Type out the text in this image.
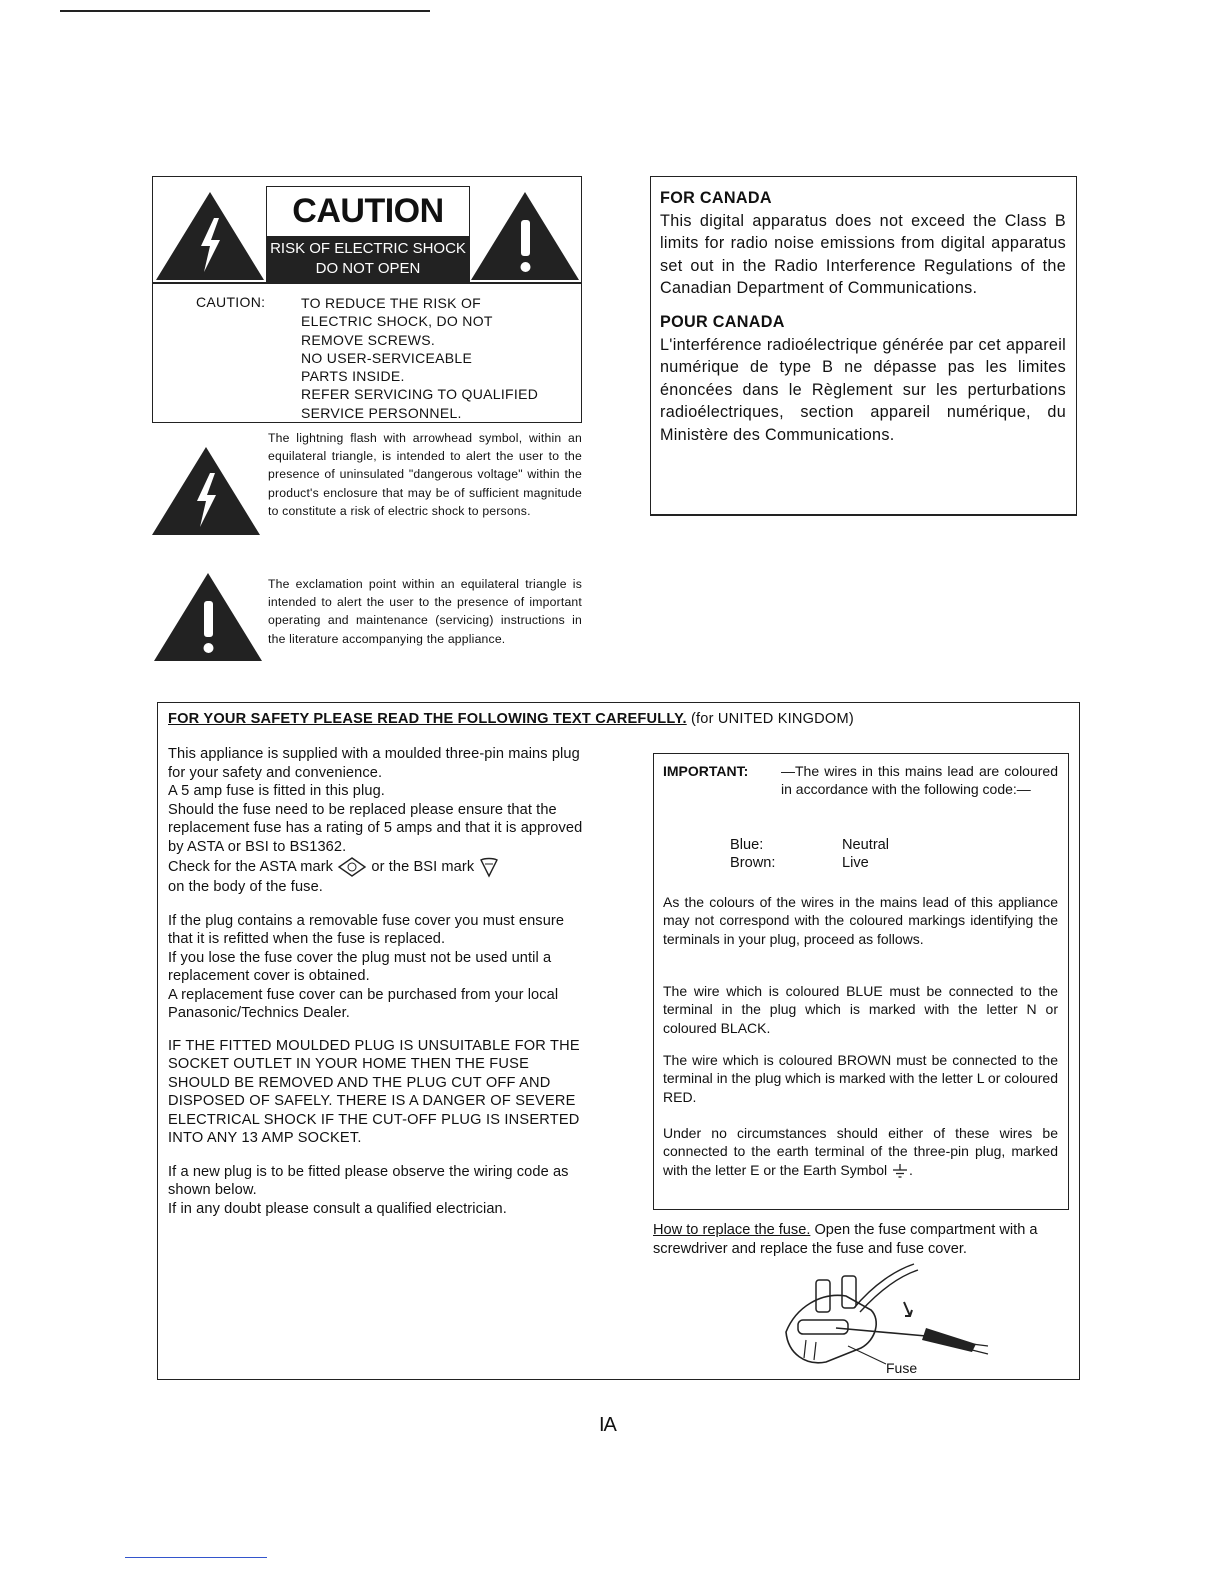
CAUTION
RISK OF ELECTRIC SHOCK
DO NOT OPEN
CAUTION:	TO REDUCE THE RISK OF
ELECTRIC SHOCK, DO NOT
REMOVE SCREWS.
NO USER-SERVICEABLE
PARTS INSIDE.
REFER SERVICING TO QUALIFIED
SERVICE PERSONNEL.
The lightning flash with arrowhead symbol, within an equilateral triangle, is intended to alert the user to the presence of uninsulated "dangerous voltage" within the product's enclosure that may be of sufficient magnitude to constitute a risk of electric shock to persons.
The exclamation point within an equilateral triangle is intended to alert the user to the presence of important operating and maintenance (servicing) instructions in the literature accompanying the appliance.
FOR CANADA
This digital apparatus does not exceed the Class B limits for radio noise emissions from digital apparatus set out in the Radio Interference Regulations of the Canadian Department of Communications.
POUR CANADA
L'interférence radioélectrique générée par cet appareil numérique de type B ne dépasse pas les limites énoncées dans le Règlement sur les perturbations radioélectriques, section appareil numérique, du Ministère des Communications.
FOR YOUR SAFETY PLEASE READ THE FOLLOWING TEXT CAREFULLY. (for UNITED KINGDOM)
This appliance is supplied with a moulded three-pin mains plug for your safety and convenience.
A 5 amp fuse is fitted in this plug.
Should the fuse need to be replaced please ensure that the replacement fuse has a rating of 5 amps and that it is approved by ASTA or BSI to BS1362.
Check for the ASTA mark	or the BSI mark
on the body of the fuse.
If the plug contains a removable fuse cover you must ensure that it is refitted when the fuse is replaced.
If you lose the fuse cover the plug must not be used until a replacement cover is obtained.
A replacement fuse cover can be purchased from your local Panasonic/Technics Dealer.
IF THE FITTED MOULDED PLUG IS UNSUITABLE FOR THE SOCKET OUTLET IN YOUR HOME THEN THE FUSE SHOULD BE REMOVED AND THE PLUG CUT OFF AND DISPOSED OF SAFELY. THERE IS A DANGER OF SEVERE ELECTRICAL SHOCK IF THE CUT-OFF PLUG IS INSERTED INTO ANY 13 AMP SOCKET.
If a new plug is to be fitted please observe the wiring code as shown below.
If in any doubt please consult a qualified electrician.
IMPORTANT:	—The wires in this mains lead are coloured in accordance with the following code:—
Blue:	Neutral
Brown:	Live
As the colours of the wires in the mains lead of this appliance may not correspond with the coloured markings identifying the terminals in your plug, proceed as follows.
The wire which is coloured BLUE must be connected to the terminal in the plug which is marked with the letter N or coloured BLACK.
The wire which is coloured BROWN must be connected to the terminal in the plug which is marked with the letter L or coloured RED.
Under no circumstances should either of these wires be connected to the earth terminal of the three-pin plug, marked with the letter E or the Earth Symbol .
How to replace the fuse. Open the fuse compartment with a screwdriver and replace the fuse and fuse cover.
Fuse
IA
